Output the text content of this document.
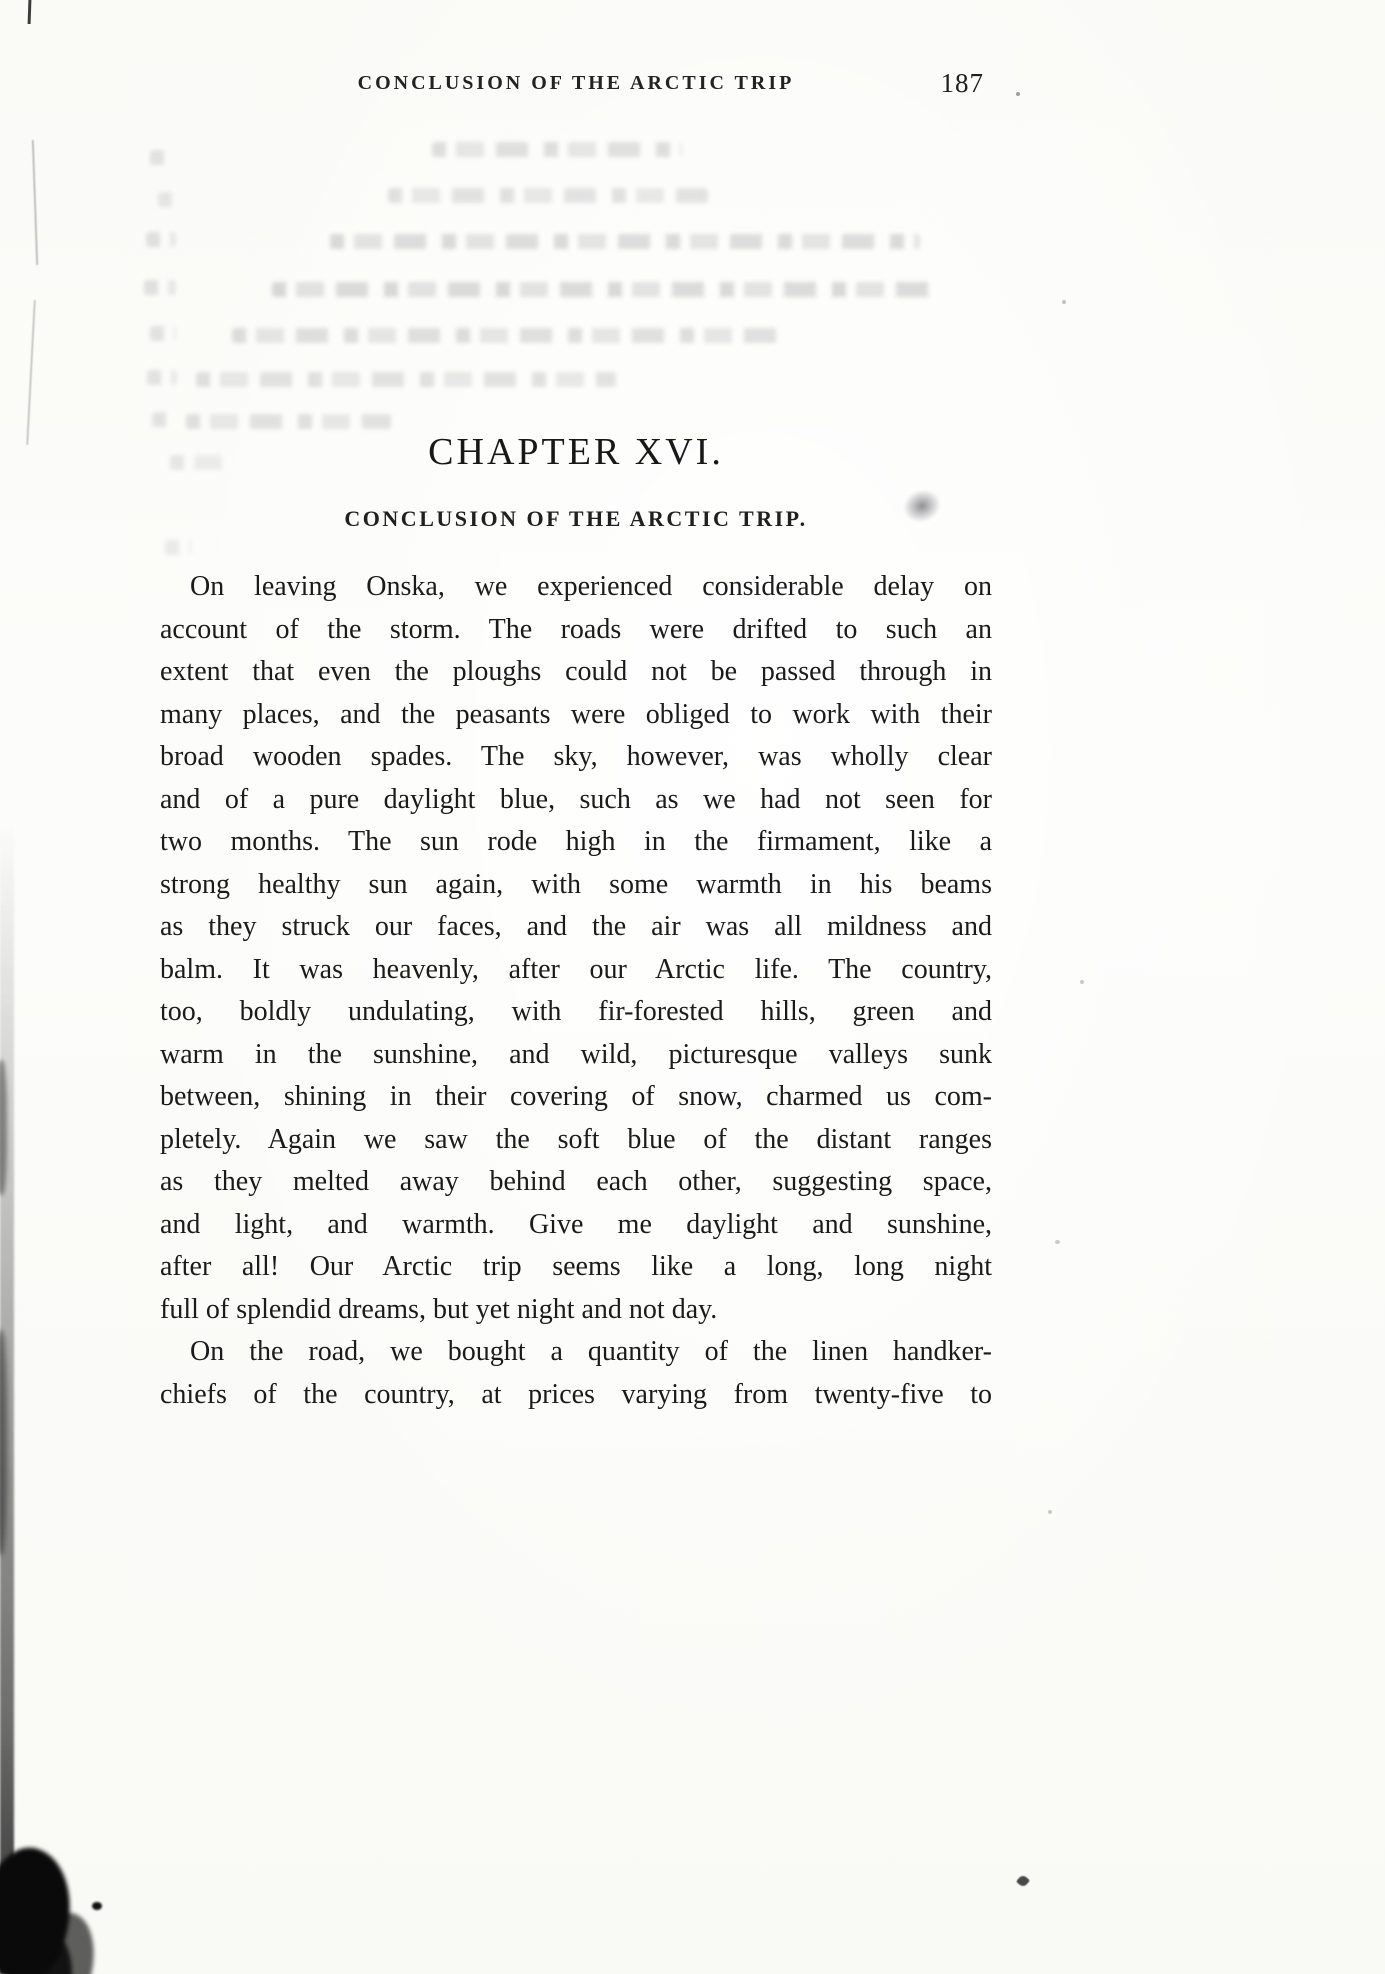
CONCLUSION OF THE ARCTIC TRIP	187
CHAPTER XVI.
CONCLUSION OF THE ARCTIC TRIP.
On leaving Onska, we experienced considerable delay on
account of the storm. The roads were drifted to such an
extent that even the ploughs could not be passed through in
many places, and the peasants were obliged to work with their
broad wooden spades. The sky, however, was wholly clear
and of a pure daylight blue, such as we had not seen for
two months. The sun rode high in the firmament, like a
strong healthy sun again, with some warmth in his beams
as they struck our faces, and the air was all mildness and
balm. It was heavenly, after our Arctic life. The country,
too, boldly undulating, with fir-forested hills, green and
warm in the sunshine, and wild, picturesque valleys sunk
between, shining in their covering of snow, charmed us com-
pletely. Again we saw the soft blue of the distant ranges
as they melted away behind each other, suggesting space,
and light, and warmth. Give me daylight and sunshine,
after all! Our Arctic trip seems like a long, long night
full of splendid dreams, but yet night and not day.
On the road, we bought a quantity of the linen handker-
chiefs of the country, at prices varying from twenty-five to
